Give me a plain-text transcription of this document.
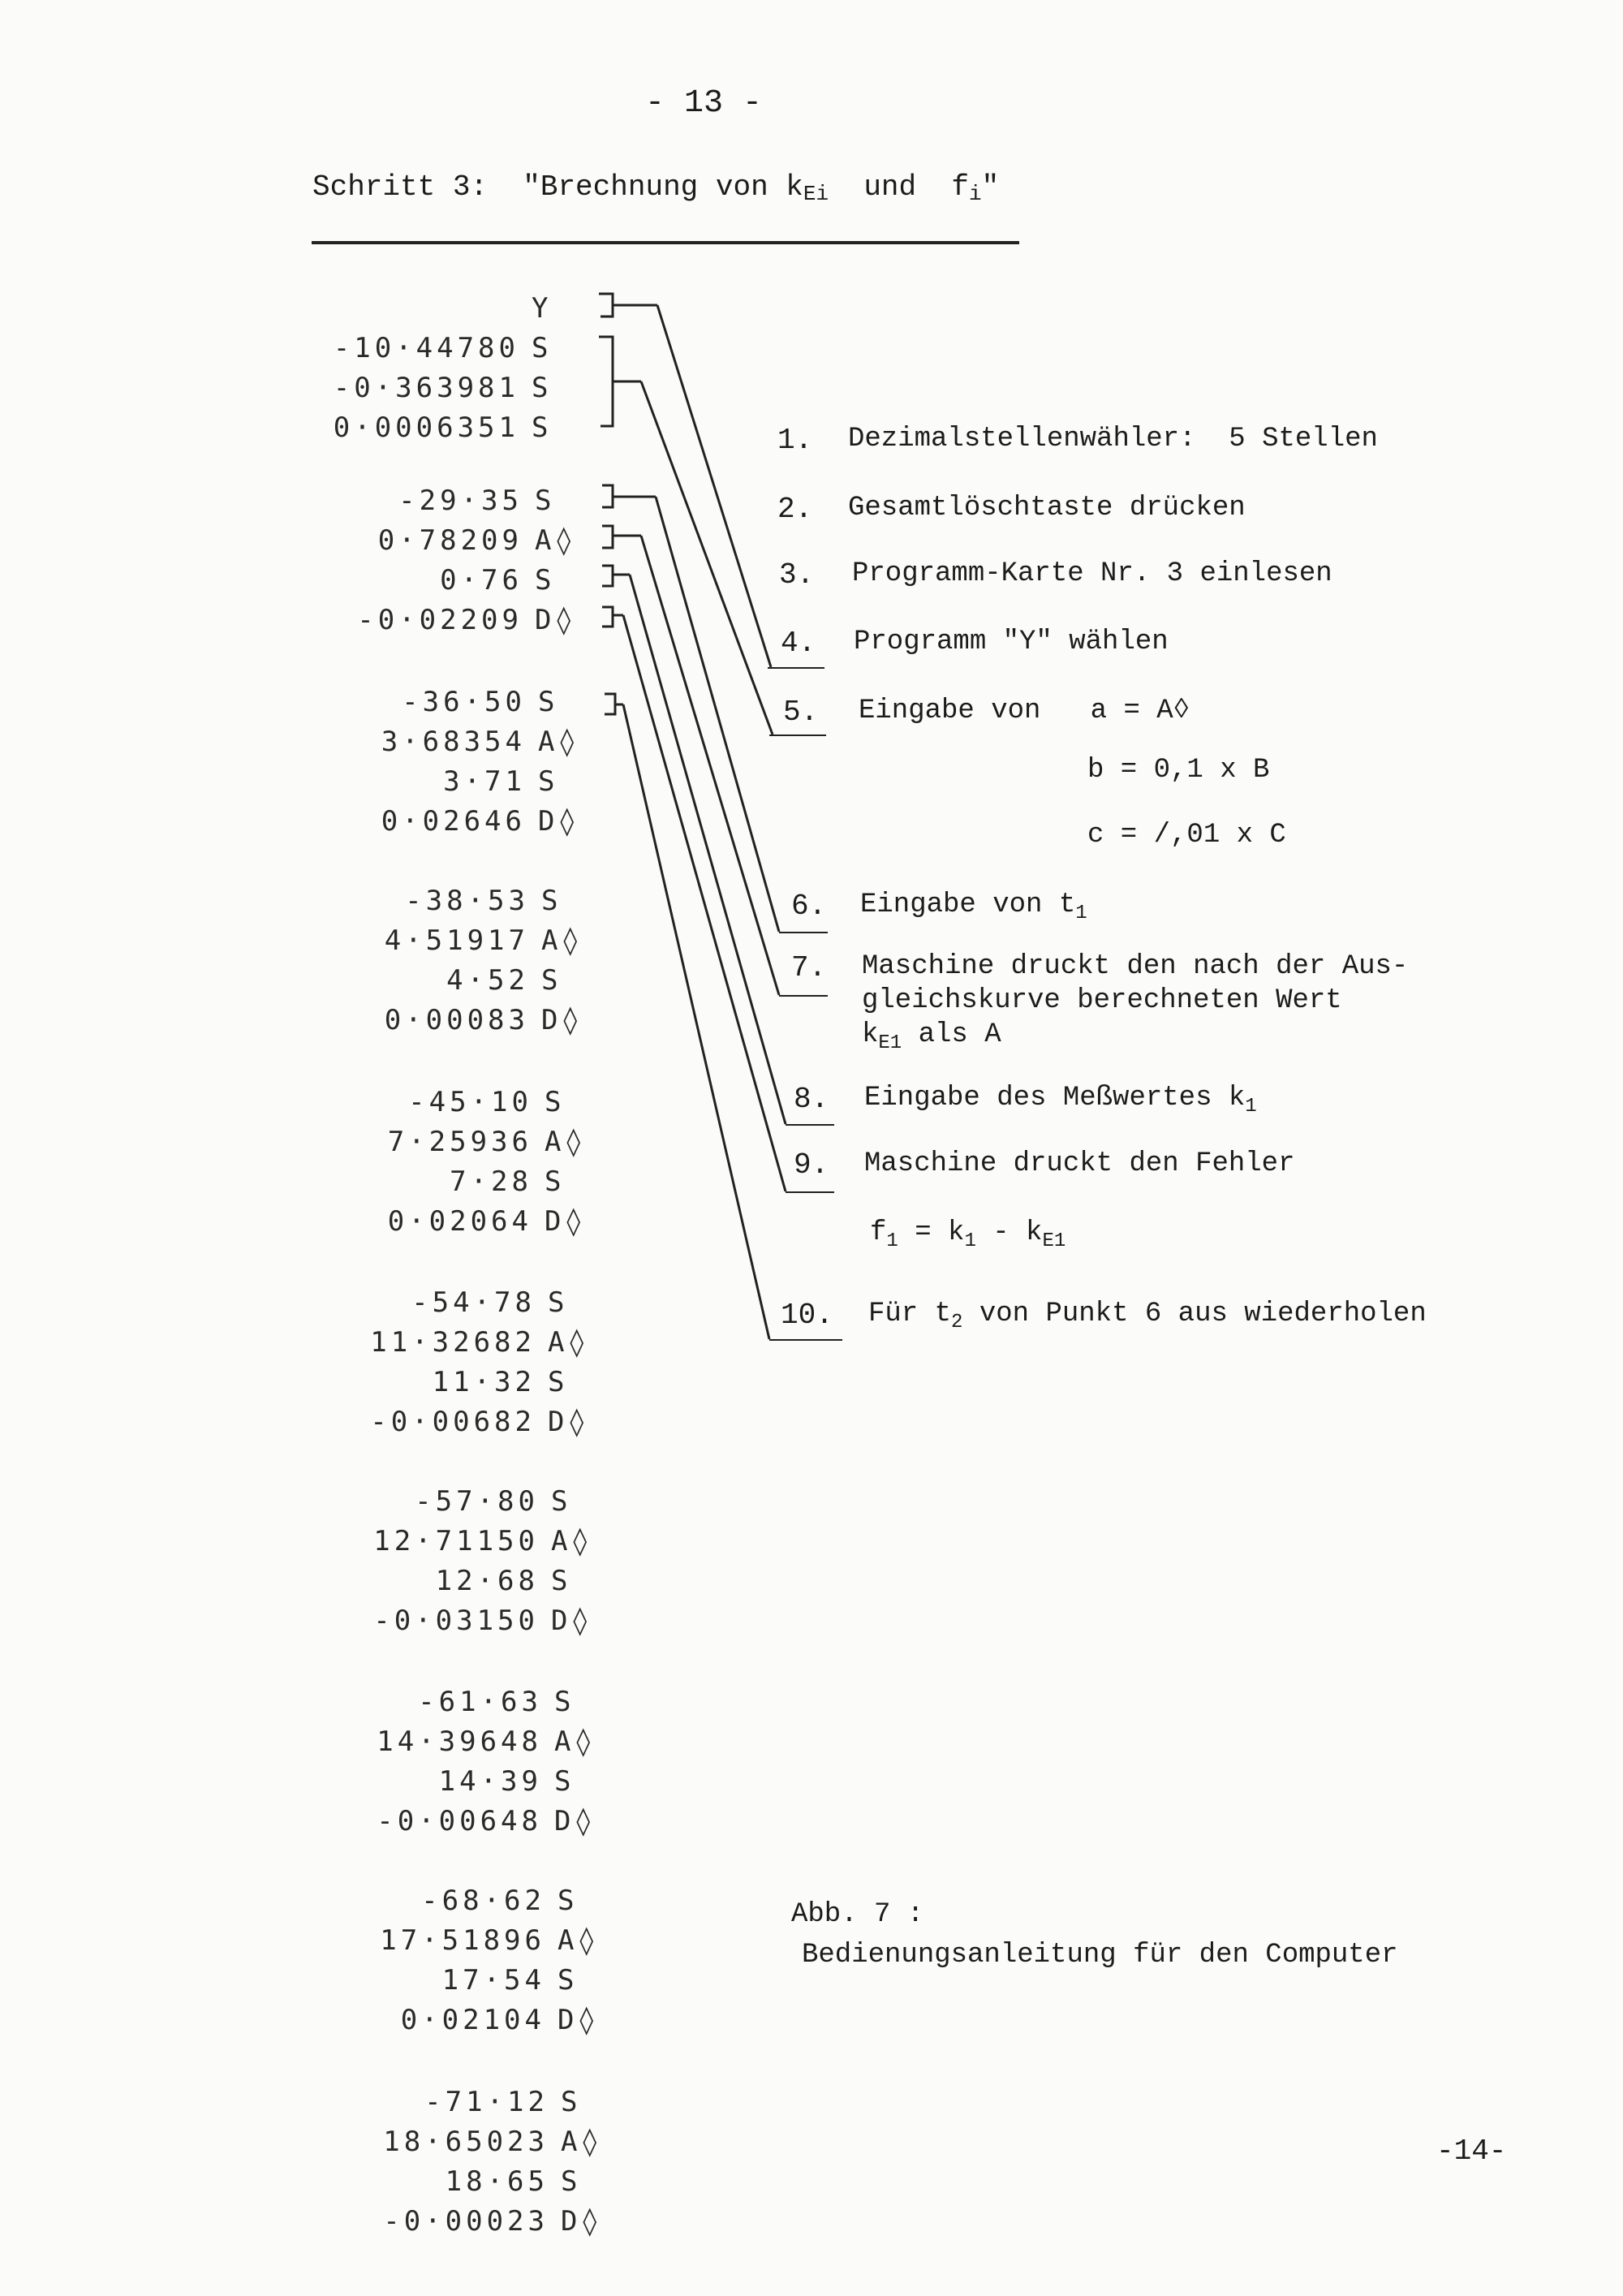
- 13 -
Schritt 3:  "Brechnung von $k_{Ei}$  und  $f_i$"
Y
-10·44780 S
-0·363981 S
0·0006351 S
-29·35 S
0·78209 A◊
0·76 S
-0·02209 D◊
-36·50 S
3·68354 A◊
3·71 S
0·02646 D◊
-38·53 S
4·51917 A◊
4·52 S
0·00083 D◊
-45·10 S
7·25936 A◊
7·28 S
0·02064 D◊
-54·78 S
11·32682 A◊
11·32 S
-0·00682 D◊
-57·80 S
12·71150 A◊
12·68 S
-0·03150 D◊
-61·63 S
14·39648 A◊
14·39 S
-0·00648 D◊
-68·62 S
17·51896 A◊
17·54 S
0·02104 D◊
-71·12 S
18·65023 A◊
18·65 S
-0·00023 D◊
1. Dezimalstellenwähler:  5 Stellen
2. Gesamtlöschtaste drücken
3. Programm-Karte Nr. 3 einlesen
4. Programm "Y" wählen
5. Eingabe von   a = A◊
b = 0,1 x B
c = /,01 x C
6. Eingabe von $t_1$
7. Maschine druckt den nach der Aus-
gleichskurve berechneten Wert
$k_{E1}$ als A
8. Eingabe des Meßwertes $k_1$
9. Maschine druckt den Fehler
$f_1 = k_1 - k_{E1}$
10. Für $t_2$ von Punkt 6 aus wiederholen
Abb. 7 :
Bedienungsanleitung für den Computer
-14-
